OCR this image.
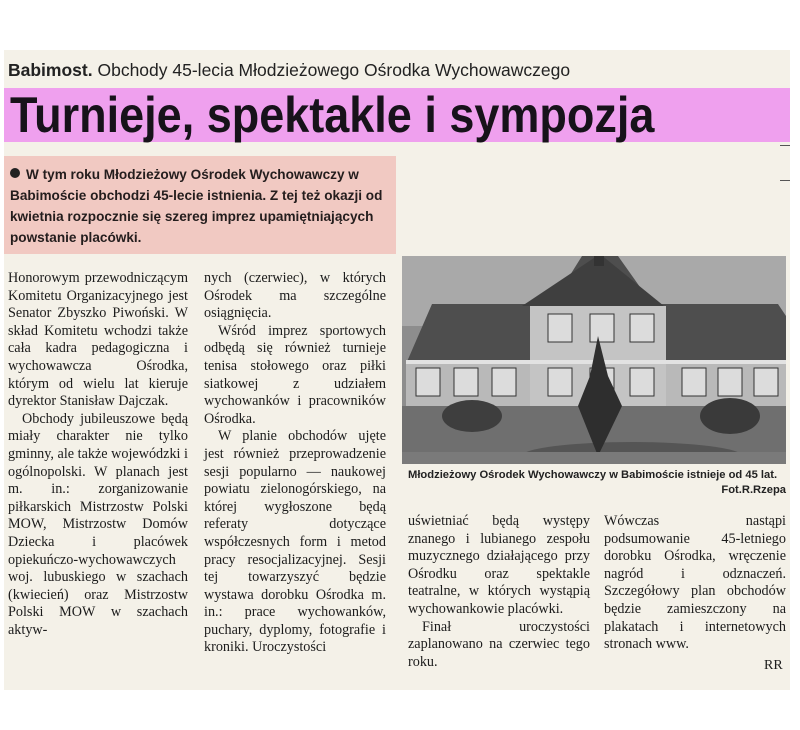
Babimost. Obchody 45-lecia Młodzieżowego Ośrodka Wychowawczego
Turnieje, spektakle i sympozja
W tym roku Młodzieżowy Ośrodek Wychowawczy w Babimoście obchodzi 45-lecie istnienia. Z tej też okazji od kwietnia rozpocznie się szereg imprez upamiętniających powstanie placówki.

Honorowym przewodniczącym Komitetu Organizacyjnego jest Senator Zbyszko Piwoński. W skład Komitetu wchodzi także cała kadra pedagogiczna i wychowawcza Ośrodka, którym od wielu lat kieruje dyrektor Stanisław Dajczak.

Obchody jubileuszowe będą miały charakter nie tylko gminny, ale także wojewódzki i ogólnopolski. W planach jest m. in.: zorganizowanie piłkarskich Mistrzostw Polski MOW, Mistrzostw Domów Dziecka i placówek opiekuńczo-wychowawczych woj. lubuskiego w szachach (kwiecień) oraz Mistrzostw Polski MOW w szachach aktyw-

nych (czerwiec), w których Ośrodek ma szczególne osiągnięcia.

Wśród imprez sportowych odbędą się również turnieje tenisa stołowego oraz piłki siatkowej z udziałem wychowanków i pracowników Ośrodka.

W planie obchodów ujęte jest również przeprowadzenie sesji popularno — naukowej powiatu zielonogórskiego, na której wygłoszone będą referaty dotyczące współczesnych form i metod pracy resocjalizacyjnej. Sesji tej towarzyszyć będzie wystawa dorobku Ośrodka m. in.: prace wychowanków, puchary, dyplomy, fotografie i kroniki. Uroczystości

Młodzieżowy Ośrodek Wychowawczy w Babimoście istnieje od 45 lat.
Fot.R.Rzepa

uświetniać będą występy znanego i lubianego zespołu muzycznego działającego przy Ośrodku oraz spektakle teatralne, w których wystąpią wychowankowie placówki.

Finał uroczystości zaplanowano na czerwiec tego roku.

Wówczas nastąpi podsumowanie 45-letniego dorobku Ośrodka, wręczenie nagród i odznaczeń. Szczegółowy plan obchodów będzie zamieszczony na plakatach i internetowych stronach www.

RR
